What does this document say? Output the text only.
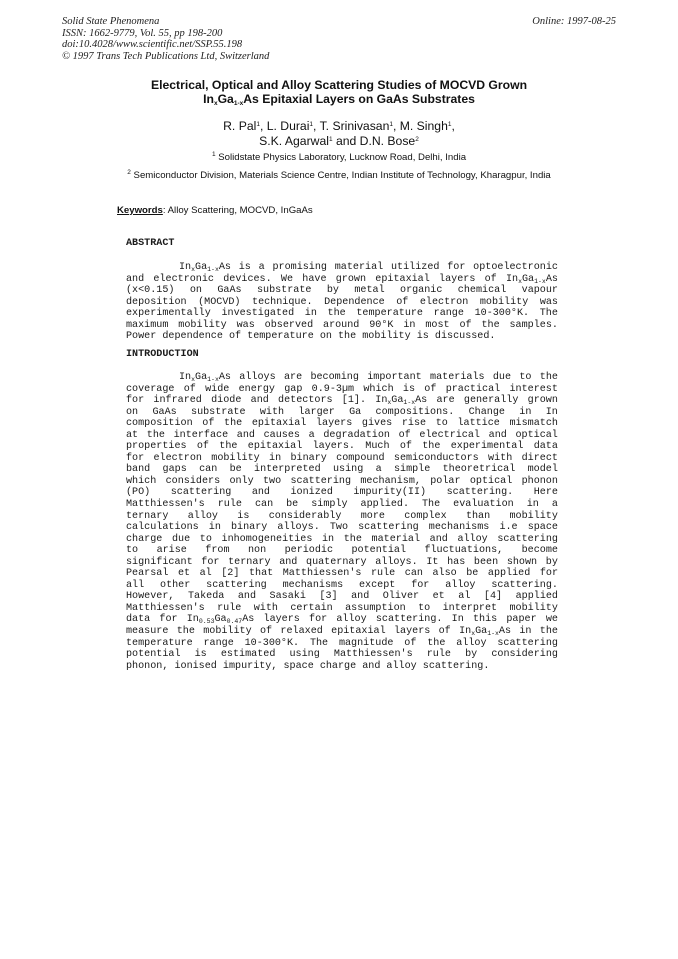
Solid State Phenomena
ISSN: 1662-9779, Vol. 55, pp 198-200
doi:10.4028/www.scientific.net/SSP.55.198
© 1997 Trans Tech Publications Ltd, Switzerland
Online: 1997-08-25
Electrical, Optical and Alloy Scattering Studies of MOCVD Grown
$In_xGa_{1-x}As$ Epitaxial Layers on GaAs Substrates
R. Pal$^1$, L. Durai$^1$, T. Srinivasan$^1$, M. Singh$^1$,
S.K. Agarwal$^1$ and D.N. Bose$^2$
$^1$ Solidstate Physics Laboratory, Lucknow Road, Delhi, India
$^2$ Semiconductor Division, Materials Science Centre, Indian Institute of Technology, Kharagpur, India
Keywords: Alloy Scattering, MOCVD, InGaAs
ABSTRACT
$In_xGa_{1-x}As$ is a promising material utilized for optoelectronic
and electronic devices. We have grown epitaxial layers of $In_xGa_{1-x}As$
(x<0.15) on GaAs substrate by metal organic chemical vapour
deposition (MOCVD) technique. Dependence of electron mobility was
experimentally investigated in the temperature range 10-300°K. The
maximum mobility was observed around 90°K in most of the samples.
Power dependence of temperature on the mobility is discussed.
INTRODUCTION
$In_xGa_{1-x}As$ alloys are becoming important materials due to the
coverage of wide energy gap 0.9-3µm which is of practical interest
for infrared diode and detectors [1]. $In_xGa_{1-x}As$ are generally grown
on GaAs substrate with larger Ga compositions. Change in In
composition of the epitaxial layers gives rise to lattice mismatch
at the interface and causes a degradation of electrical and optical
properties of the epitaxial layers. Much of the experimental data
for electron mobility in binary compound semiconductors with direct
band gaps can be interpreted using a simple theoretrical model
which considers only two scattering mechanism, polar optical phonon
(PO) scattering and ionized impurity(II) scattering. Here
Matthiessen's rule can be simply applied. The evaluation in a
ternary alloy is considerably more complex than mobility
calculations in binary alloys. Two scattering mechanisms i.e space
charge due to inhomogeneities in the material and alloy scattering
to arise from non periodic potential fluctuations, become
significant for ternary and quaternary alloys. It has been shown by
Pearsal et al [2] that Matthiessen's rule can also be applied for
all other scattering mechanisms except for alloy scattering.
However, Takeda and Sasaki [3] and Oliver et al [4] applied
Matthiessen's rule with certain assumption to interpret mobility
data for $In_{0.53}Ga_{0.47}As$ layers for alloy scattering. In this paper we
measure the mobility of relaxed epitaxial layers of $In_xGa_{1-x}As$ in the
temperature range 10-300°K. The magnitude of the alloy scattering
potential is estimated using Matthiessen's rule by considering
phonon, ionised impurity, space charge and alloy scattering.
